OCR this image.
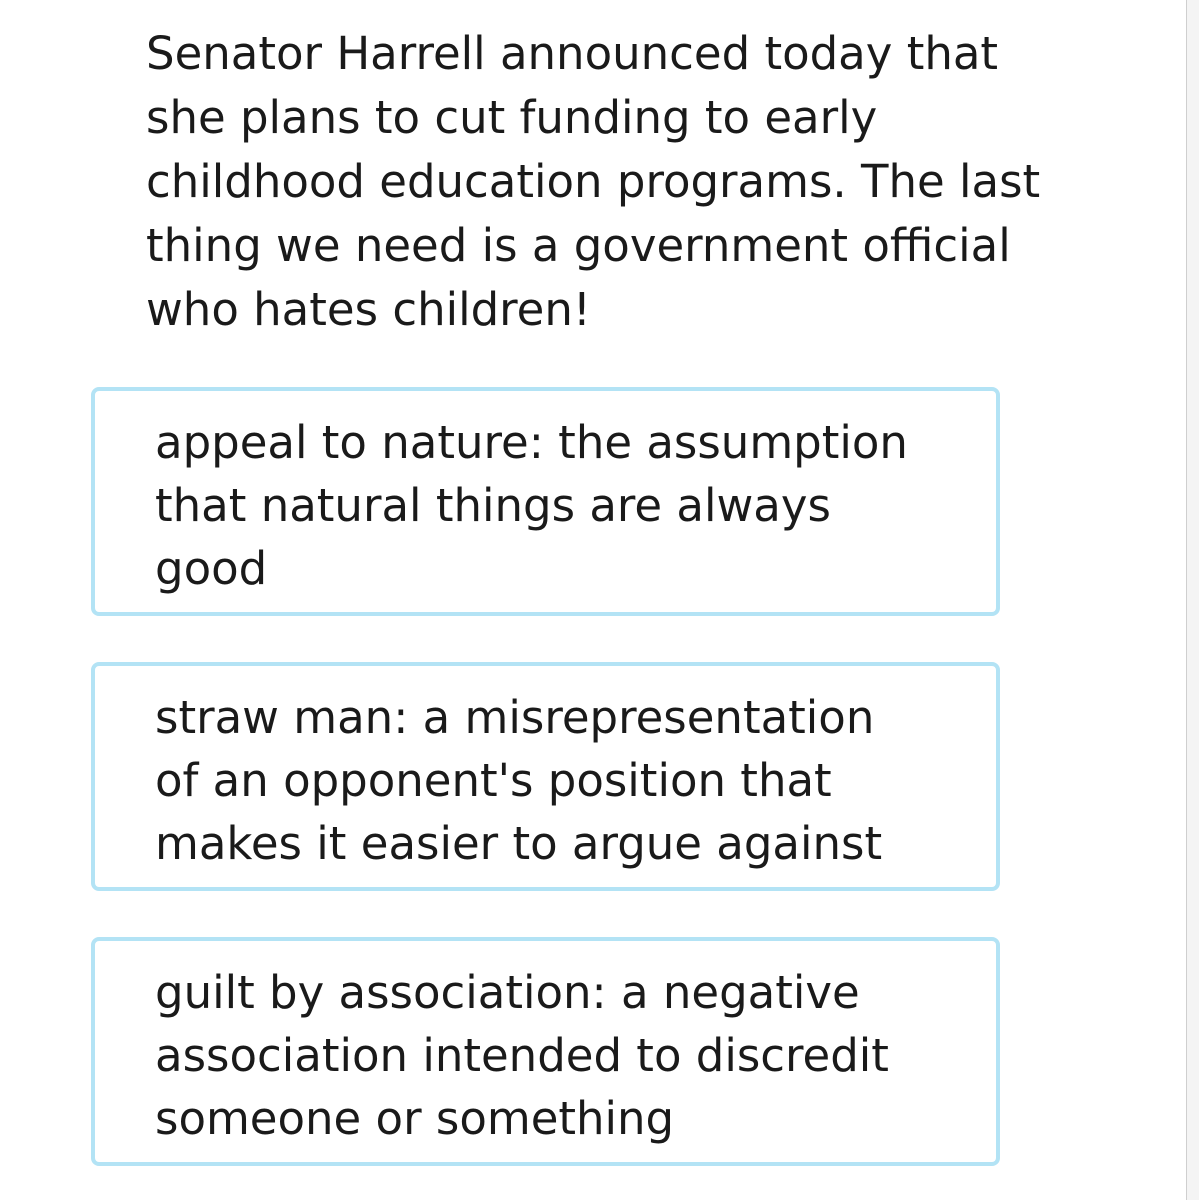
Senator Harrell announced today that
she plans to cut funding to early
childhood education programs. The last
thing we need is a government official
who hates children!
appeal to nature: the assumption
that natural things are always
good
straw man: a misrepresentation
of an opponent's position that
makes it easier to argue against
guilt by association: a negative
association intended to discredit
someone or something
